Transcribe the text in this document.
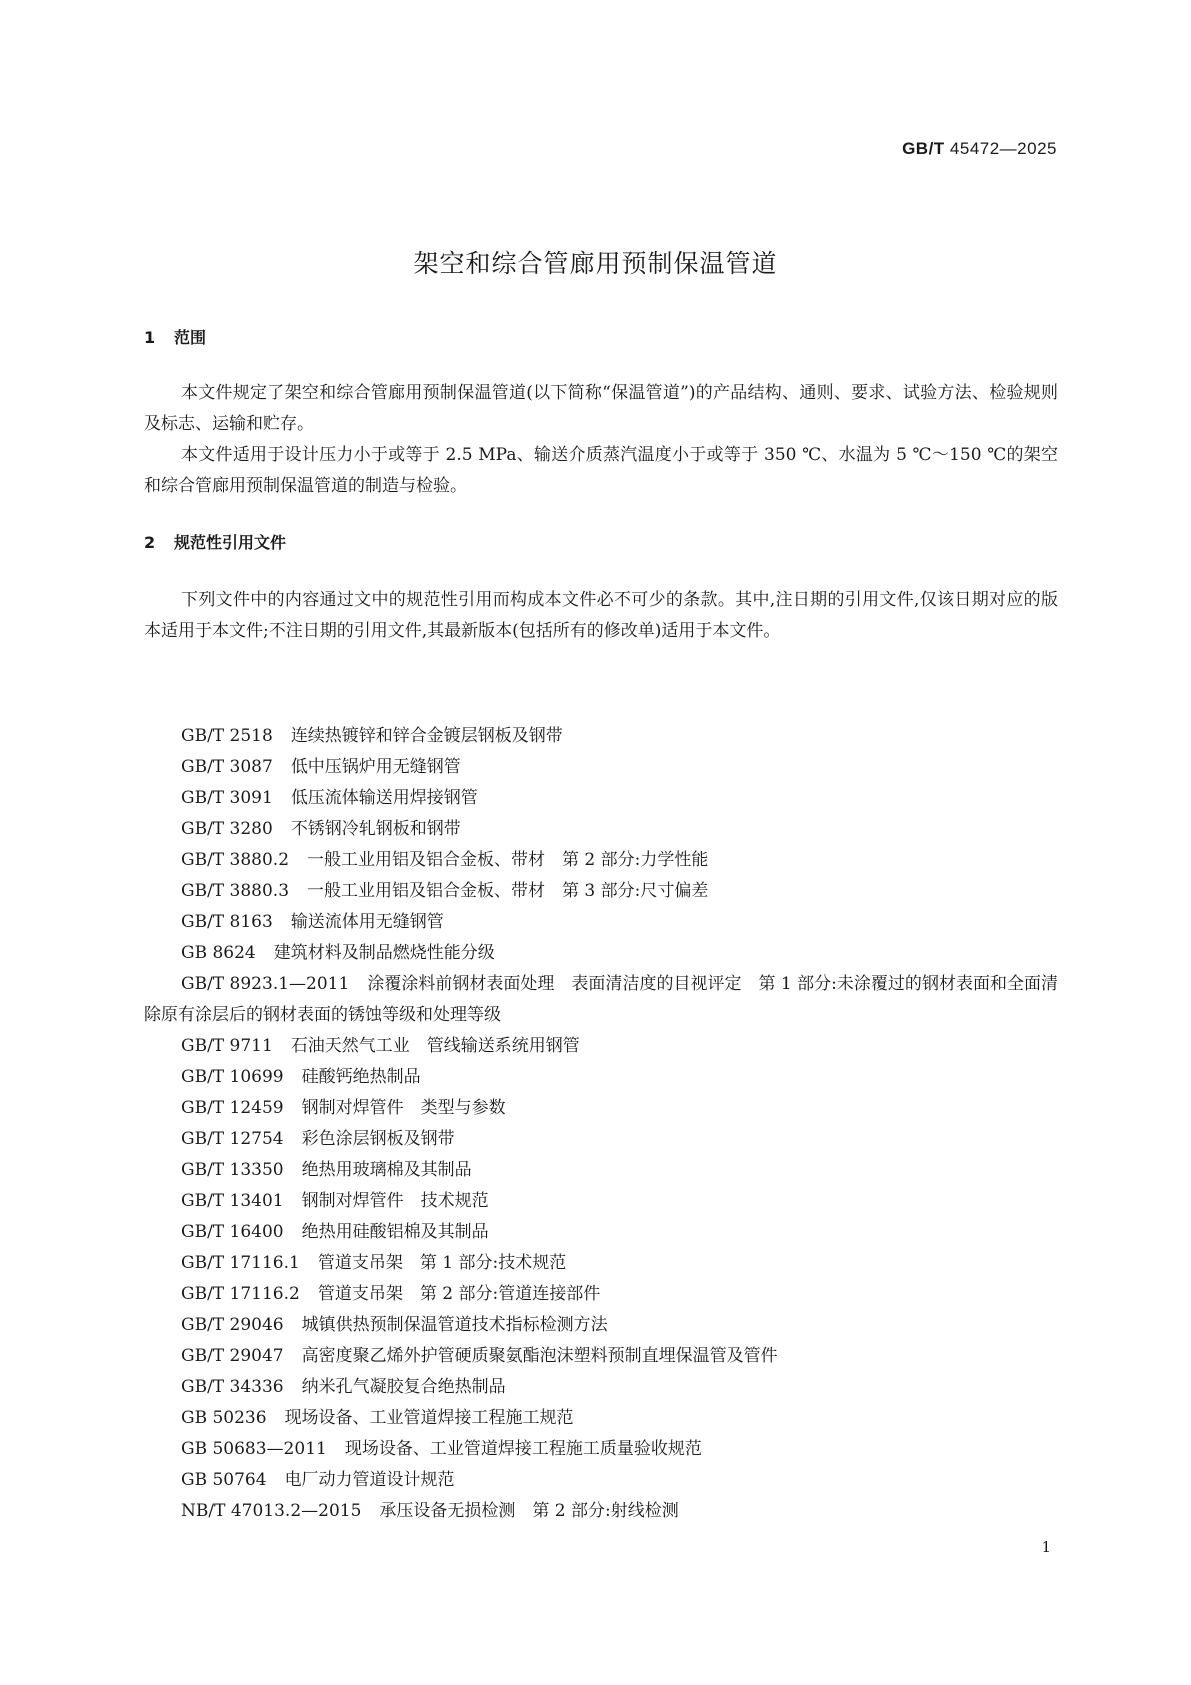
GB/T 45472—2025
架空和综合管廊用预制保温管道
1 范围

本文件规定了架空和综合管廊用预制保温管道(以下简称“保温管道”)的产品结构、通则、要求、试验方法、检验规则及标志、运输和贮存。

本文件适用于设计压力小于或等于 2.5 MPa、输送介质蒸汽温度小于或等于 350 ℃、水温为 5 ℃～150 ℃的架空和综合管廊用预制保温管道的制造与检验。

2 规范性引用文件

下列文件中的内容通过文中的规范性引用而构成本文件必不可少的条款。其中,注日期的引用文件,仅该日期对应的版本适用于本文件;不注日期的引用文件,其最新版本(包括所有的修改单)适用于本文件。

GB/T 2518 连续热镀锌和锌合金镀层钢板及钢带
GB/T 3087 低中压锅炉用无缝钢管
GB/T 3091 低压流体输送用焊接钢管
GB/T 3280 不锈钢冷轧钢板和钢带
GB/T 3880.2 一般工业用铝及铝合金板、带材　第 2 部分:力学性能
GB/T 3880.3 一般工业用铝及铝合金板、带材　第 3 部分:尺寸偏差
GB/T 8163 输送流体用无缝钢管
GB 8624 建筑材料及制品燃烧性能分级
GB/T 8923.1—2011 涂覆涂料前钢材表面处理　表面清洁度的目视评定　第 1 部分:未涂覆过的钢材表面和全面清除原有涂层后的钢材表面的锈蚀等级和处理等级
GB/T 9711 石油天然气工业　管线输送系统用钢管
GB/T 10699 硅酸钙绝热制品
GB/T 12459 钢制对焊管件　类型与参数
GB/T 12754 彩色涂层钢板及钢带
GB/T 13350 绝热用玻璃棉及其制品
GB/T 13401 钢制对焊管件　技术规范
GB/T 16400 绝热用硅酸铝棉及其制品
GB/T 17116.1 管道支吊架　第 1 部分:技术规范
GB/T 17116.2 管道支吊架　第 2 部分:管道连接部件
GB/T 29046 城镇供热预制保温管道技术指标检测方法
GB/T 29047 高密度聚乙烯外护管硬质聚氨酯泡沫塑料预制直埋保温管及管件
GB/T 34336 纳米孔气凝胶复合绝热制品
GB 50236 现场设备、工业管道焊接工程施工规范
GB 50683—2011 现场设备、工业管道焊接工程施工质量验收规范
GB 50764 电厂动力管道设计规范
NB/T 47013.2—2015 承压设备无损检测　第 2 部分:射线检测
1
